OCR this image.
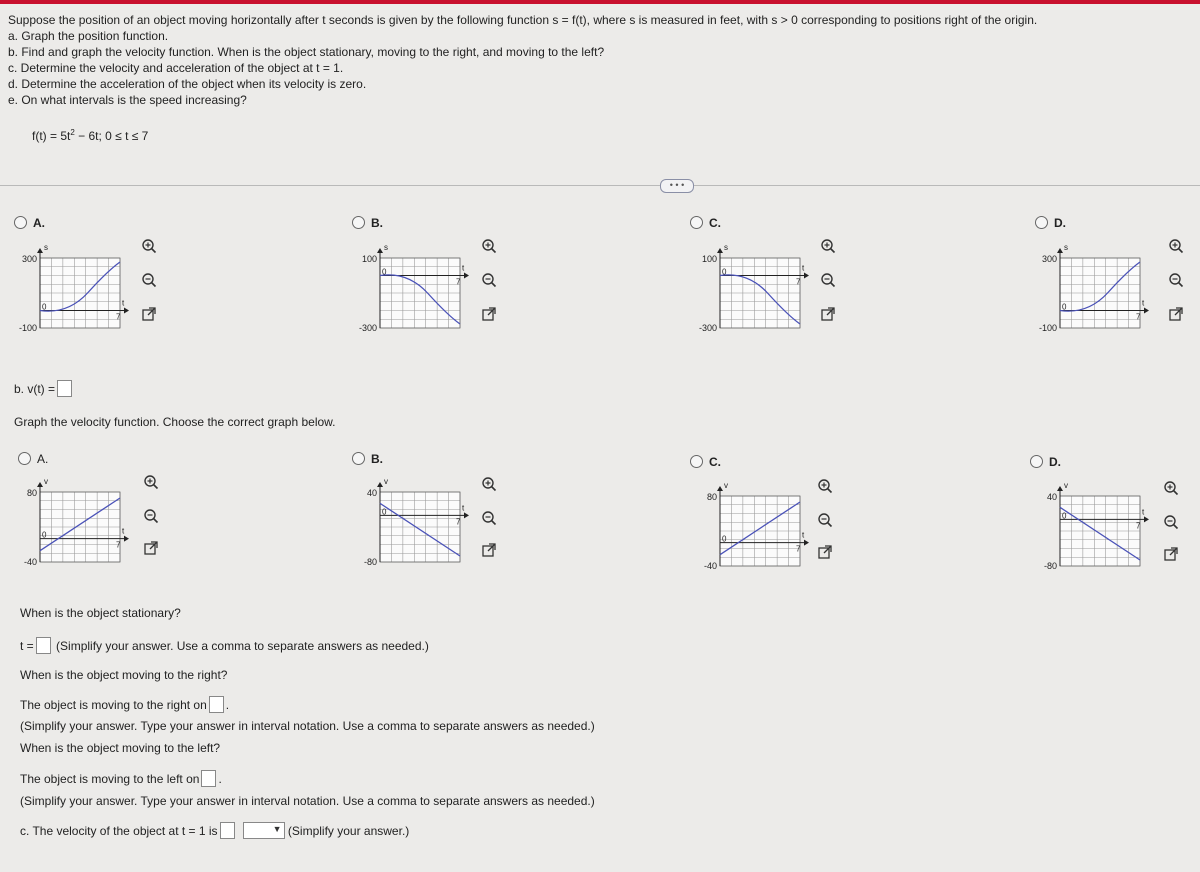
Suppose the position of an object moving horizontally after t seconds is given by the following function s = f(t), where s is measured in feet, with s > 0 corresponding to positions right of the origin.
a. Graph the position function.
b. Find and graph the velocity function. When is the object stationary, moving to the right, and moving to the left?
c. Determine the velocity and acceleration of the object at t = 1.
d. Determine the acceleration of the object when its velocity is zero.
e. On what intervals is the speed increasing?
$f(t) = 5t^2 - 6t$; 0 ≤ t ≤ 7
• • •
A.	B.	C.	D.
300
-100
s
t
7
0
100
-300
s
t
7
0
100
-300
s
t
7
0
300
-100
s
t
7
0
b. v(t) =
Graph the velocity function. Choose the correct graph below.
A.	B.	C.	D.
80
-40
v
t
7
0
40
-80
v
t
7
0
80
-40
v
t
7
0
40
-80
v
t
7
0
When is the object stationary?
t = (Simplify your answer. Use a comma to separate answers as needed.)
When is the object moving to the right?
The object is moving to the right on .
(Simplify your answer. Type your answer in interval notation. Use a comma to separate answers as needed.)
When is the object moving to the left?
The object is moving to the left on .
(Simplify your answer. Type your answer in interval notation. Use a comma to separate answers as needed.)
c. The velocity of the object at t = 1 is▼	(Simplify your answer.)
